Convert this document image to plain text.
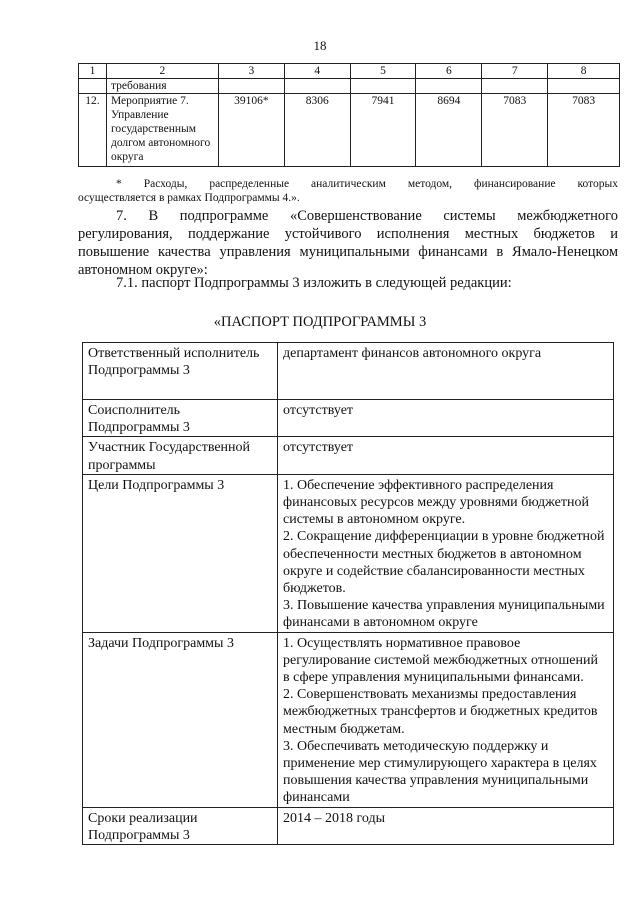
18
1	2	3	4	5	6	7	8
	требования						
12.	Мероприятие 7. Управление государственным долгом автономного округа	39106*	8306	7941	8694	7083	7083
* Расходы, распределенные аналитическим методом, финансирование которых
осуществляется в рамках Подпрограммы 4.».
7. В подпрограмме «Совершенствование системы межбюджетного
регулирования, поддержание устойчивого исполнения местных бюджетов и
повышение качества управления муниципальными финансами в Ямало-Ненецком
автономном округе»:
7.1. паспорт Подпрограммы 3 изложить в следующей редакции:
«ПАСПОРТ ПОДПРОГРАММЫ 3
Ответственный исполнитель Подпрограммы 3	департамент финансов автономного округа
Соисполнитель Подпрограммы 3	отсутствует
Участник Государственной программы	отсутствует
Цели Подпрограммы 3	1. Обеспечение эффективного распределения финансовых ресурсов между уровнями бюджетной системы в автономном округе.
2. Сокращение дифференциации в уровне бюджетной обеспеченности местных бюджетов в автономном округе и содействие сбалансированности местных бюджетов.
3. Повышение качества управления муниципальными финансами в автономном округе

Задачи Подпрограммы 3	1. Осуществлять нормативное правовое регулирование системой межбюджетных отношений в сфере управления муниципальными финансами.
2. Совершенствовать механизмы предоставления межбюджетных трансфертов и бюджетных кредитов местным бюджетам.
3. Обеспечивать методическую поддержку и применение мер стимулирующего характера в целях повышения качества управления муниципальными финансами

Сроки реализации Подпрограммы 3	2014 – 2018 годы
